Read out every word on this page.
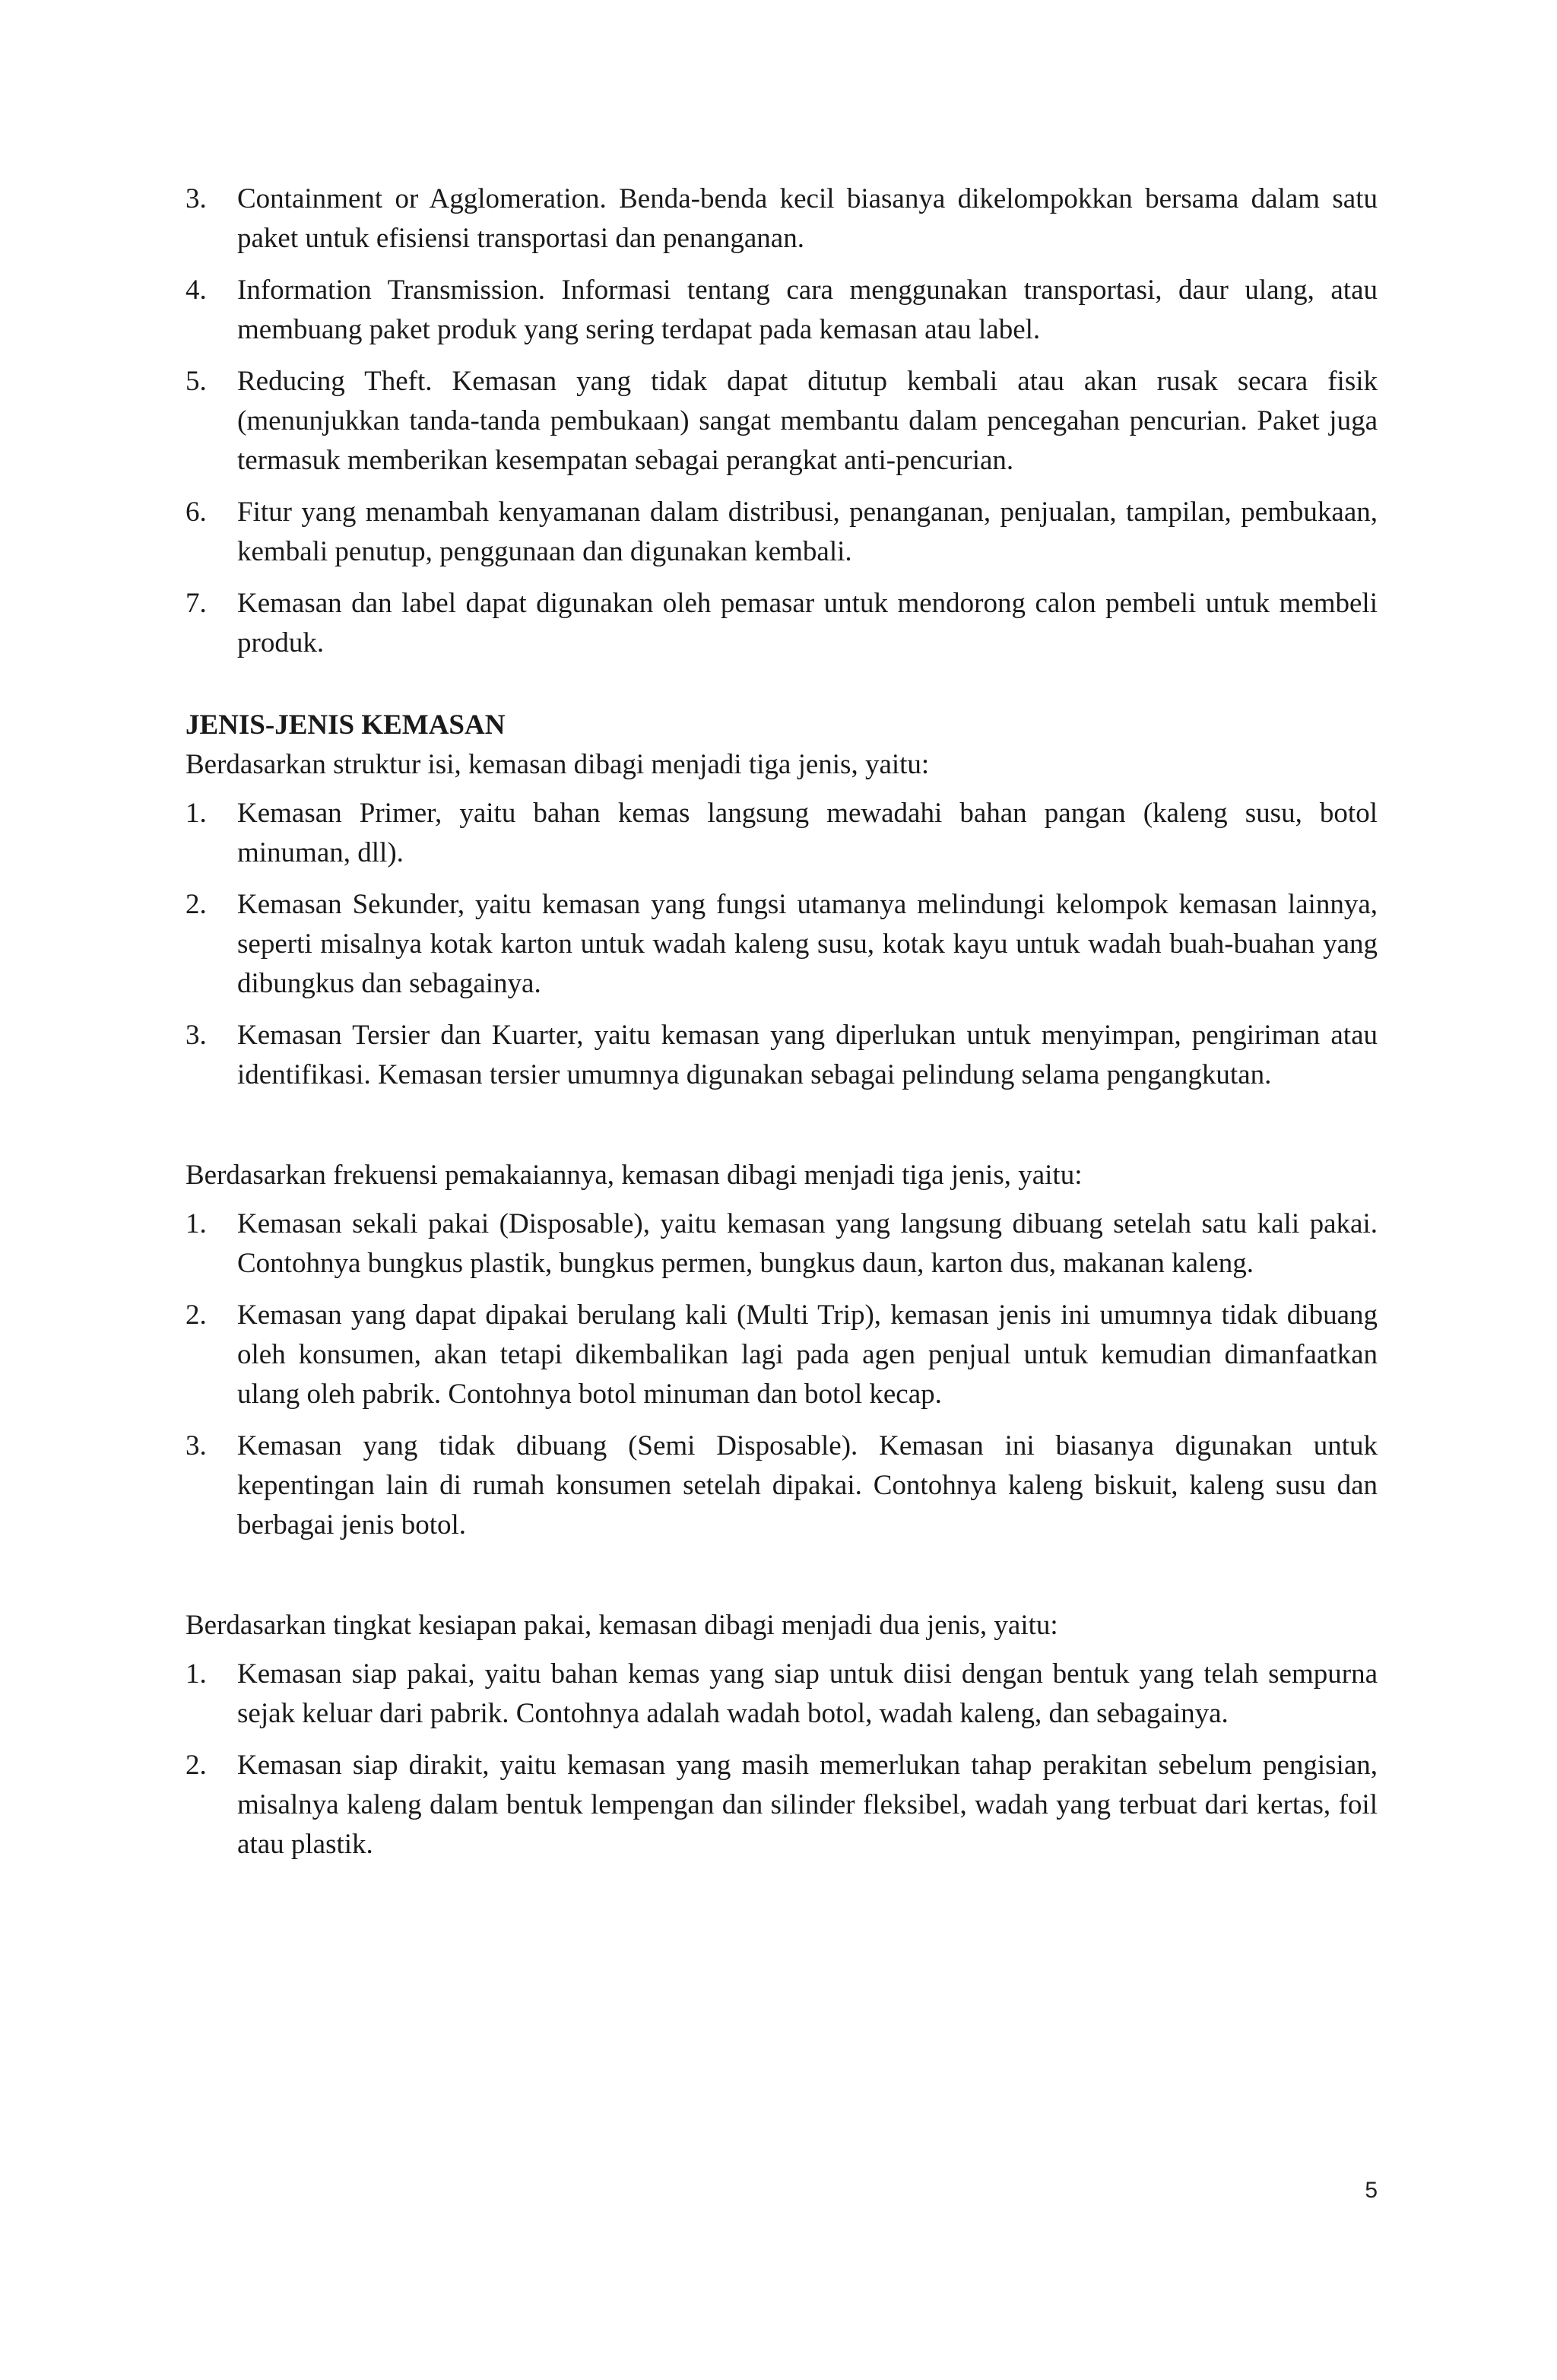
3. Containment or Agglomeration. Benda-benda kecil biasanya dikelompokkan bersama dalam satu paket untuk efisiensi transportasi dan penanganan.
4. Information Transmission. Informasi tentang cara menggunakan transportasi, daur ulang, atau membuang paket produk yang sering terdapat pada kemasan atau label.
5. Reducing Theft. Kemasan yang tidak dapat ditutup kembali atau akan rusak secara fisik (menunjukkan tanda-tanda pembukaan) sangat membantu dalam pencegahan pencurian. Paket juga termasuk memberikan kesempatan sebagai perangkat anti-pencurian.
6. Fitur yang menambah kenyamanan dalam distribusi, penanganan, penjualan, tampilan, pembukaan, kembali penutup, penggunaan dan digunakan kembali.
7. Kemasan dan label dapat digunakan oleh pemasar untuk mendorong calon pembeli untuk membeli produk.

JENIS-JENIS KEMASAN

Berdasarkan struktur isi, kemasan dibagi menjadi tiga jenis, yaitu:

1. Kemasan Primer, yaitu bahan kemas langsung mewadahi bahan pangan (kaleng susu, botol minuman, dll).
2. Kemasan Sekunder, yaitu kemasan yang fungsi utamanya melindungi kelompok kemasan lainnya, seperti misalnya kotak karton untuk wadah kaleng susu, kotak kayu untuk wadah buah-buahan yang dibungkus dan sebagainya.
3. Kemasan Tersier dan Kuarter, yaitu kemasan yang diperlukan untuk menyimpan, pengiriman atau identifikasi. Kemasan tersier umumnya digunakan sebagai pelindung selama pengangkutan.

Berdasarkan frekuensi pemakaiannya, kemasan dibagi menjadi tiga jenis, yaitu:

1. Kemasan sekali pakai (Disposable), yaitu kemasan yang langsung dibuang setelah satu kali pakai. Contohnya bungkus plastik, bungkus permen, bungkus daun, karton dus, makanan kaleng.
2. Kemasan yang dapat dipakai berulang kali (Multi Trip), kemasan jenis ini umumnya tidak dibuang oleh konsumen, akan tetapi dikembalikan lagi pada agen penjual untuk kemudian dimanfaatkan ulang oleh pabrik. Contohnya botol minuman dan botol kecap.
3. Kemasan yang tidak dibuang (Semi Disposable). Kemasan ini biasanya digunakan untuk kepentingan lain di rumah konsumen setelah dipakai. Contohnya kaleng biskuit, kaleng susu dan berbagai jenis botol.

Berdasarkan tingkat kesiapan pakai, kemasan dibagi menjadi dua jenis, yaitu:

1. Kemasan siap pakai, yaitu bahan kemas yang siap untuk diisi dengan bentuk yang telah sempurna sejak keluar dari pabrik. Contohnya adalah wadah botol, wadah kaleng, dan sebagainya.
2. Kemasan siap dirakit, yaitu kemasan yang masih memerlukan tahap perakitan sebelum pengisian, misalnya kaleng dalam bentuk lempengan dan silinder fleksibel, wadah yang terbuat dari kertas, foil atau plastik.
5
